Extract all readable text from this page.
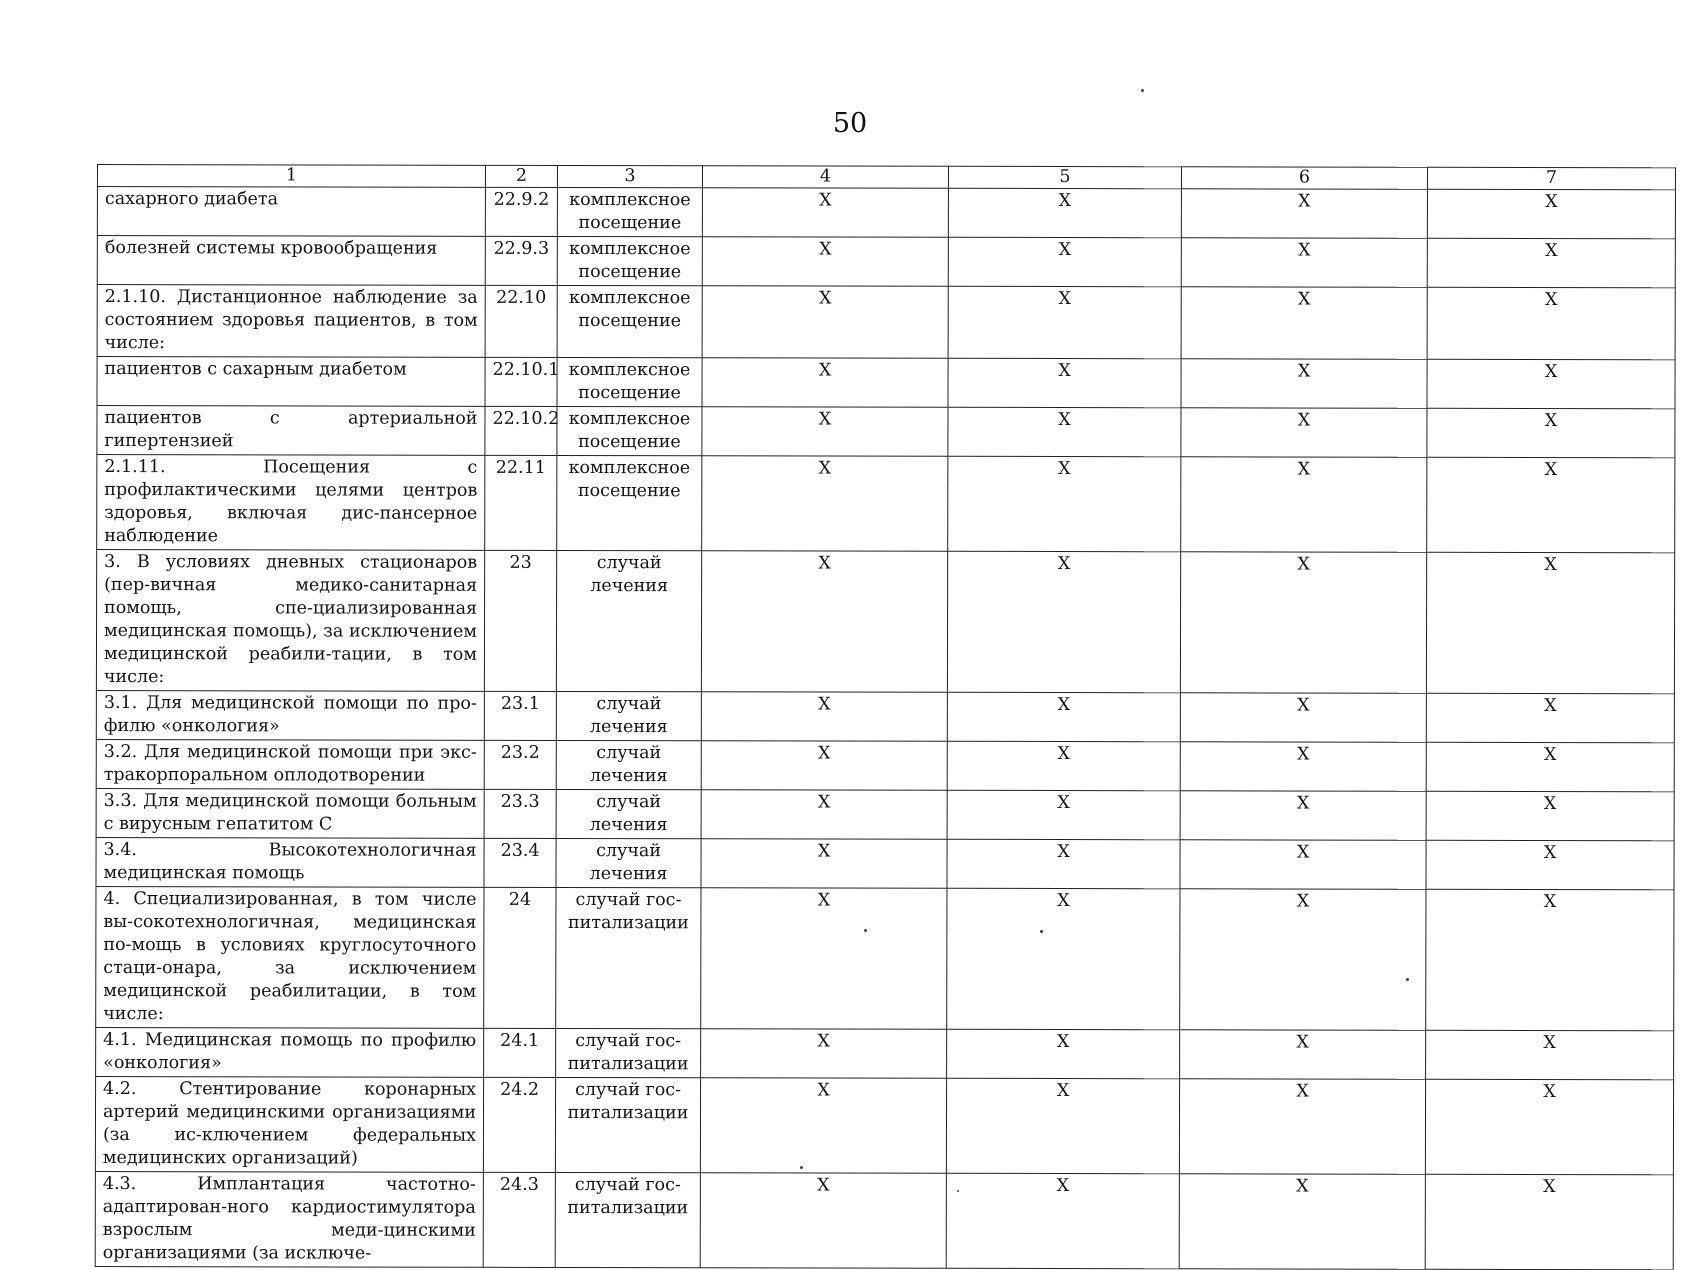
50
1	2	3	4	5	6	7
сахарного диабета	22.9.2	комплексное посещение	X	X	X	X
болезней системы кровообращения	22.9.3	комплексное посещение	X	X	X	X
2.1.10. Дистанционное наблюдение за состоянием здоровья пациентов, в том числе:	22.10	комплексное посещение	X	X	X	X
пациентов с сахарным диабетом	22.10.1	комплексное посещение	X	X	X	X
пациентов с артериальной гипертензией	22.10.2	комплексное посещение	X	X	X	X
2.1.11. Посещения с профилактическими целями центров здоровья, включая дис-пансерное наблюдение	22.11	комплексное посещение	X	X	X	X
3. В условиях дневных стационаров (пер-вичная медико-санитарная помощь, спе-циализированная медицинская помощь), за исключением медицинской реабили-тации, в том числе:	23	случай лечения	X	X	X	X
3.1. Для медицинской помощи по про-филю «онкология»	23.1	случай лечения	X	X	X	X
3.2. Для медицинской помощи при экс-тракорпоральном оплодотворении	23.2	случай лечения	X	X	X	X
3.3. Для медицинской помощи больным с вирусным гепатитом С	23.3	случай лечения	X	X	X	X
3.4. Высокотехнологичная медицинская помощь	23.4	случай лечения	X	X	X	X
4. Специализированная, в том числе вы-сокотехнологичная, медицинская по-мощь в условиях круглосуточного стаци-онара, за исключением медицинской реабилитации, в том числе:	24	случай гос-питализации	X	X	X	X
4.1. Медицинская помощь по профилю «онкология»	24.1	случай гос-питализации	X	X	X	X
4.2. Стентирование коронарных артерий медицинскими организациями (за ис-ключением федеральных медицинских организаций)	24.2	случай гос-питализации	X	X	X	X
4.3. Имплантация частотно-адаптирован-ного кардиостимулятора взрослым меди-цинскими организациями (за исключе-	24.3	случай гос-питализации	X	X	X	X
